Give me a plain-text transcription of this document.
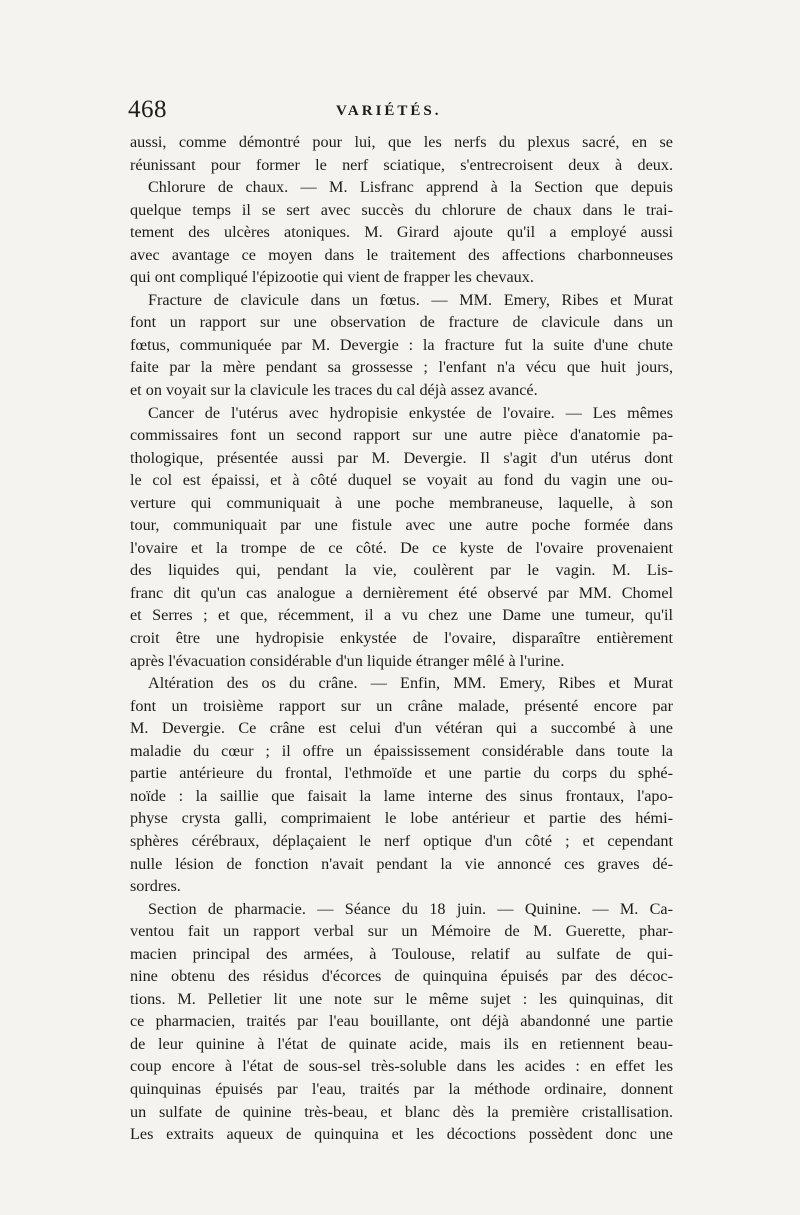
468	VARIÉTÉS.
aussi, comme démontré pour lui, que les nerfs du plexus sacré, en se
réunissant pour former le nerf sciatique, s'entrecroisent deux à deux.
Chlorure de chaux. — M. Lisfranc apprend à la Section que depuis
quelque temps il se sert avec succès du chlorure de chaux dans le trai-
tement des ulcères atoniques. M. Girard ajoute qu'il a employé aussi
avec avantage ce moyen dans le traitement des affections charbonneuses
qui ont compliqué l'épizootie qui vient de frapper les chevaux.
Fracture de clavicule dans un fœtus. — MM. Emery, Ribes et Murat
font un rapport sur une observation de fracture de clavicule dans un
fœtus, communiquée par M. Devergie : la fracture fut la suite d'une chute
faite par la mère pendant sa grossesse ; l'enfant n'a vécu que huit jours,
et on voyait sur la clavicule les traces du cal déjà assez avancé.
Cancer de l'utérus avec hydropisie enkystée de l'ovaire. — Les mêmes
commissaires font un second rapport sur une autre pièce d'anatomie pa-
thologique, présentée aussi par M. Devergie. Il s'agit d'un utérus dont
le col est épaissi, et à côté duquel se voyait au fond du vagin une ou-
verture qui communiquait à une poche membraneuse, laquelle, à son
tour, communiquait par une fistule avec une autre poche formée dans
l'ovaire et la trompe de ce côté. De ce kyste de l'ovaire provenaient
des liquides qui, pendant la vie, coulèrent par le vagin. M. Lis-
franc dit qu'un cas analogue a dernièrement été observé par MM. Chomel
et Serres ; et que, récemment, il a vu chez une Dame une tumeur, qu'il
croit être une hydropisie enkystée de l'ovaire, disparaître entièrement
après l'évacuation considérable d'un liquide étranger mêlé à l'urine.
Altération des os du crâne. — Enfin, MM. Emery, Ribes et Murat
font un troisième rapport sur un crâne malade, présenté encore par
M. Devergie. Ce crâne est celui d'un vétéran qui a succombé à une
maladie du cœur ; il offre un épaississement considérable dans toute la
partie antérieure du frontal, l'ethmoïde et une partie du corps du sphé-
noïde : la saillie que faisait la lame interne des sinus frontaux, l'apo-
physe crysta galli, comprimaient le lobe antérieur et partie des hémi-
sphères cérébraux, déplaçaient le nerf optique d'un côté ; et cependant
nulle lésion de fonction n'avait pendant la vie annoncé ces graves dé-
sordres.
Section de pharmacie. — Séance du 18 juin. — Quinine. — M. Ca-
ventou fait un rapport verbal sur un Mémoire de M. Guerette, phar-
macien principal des armées, à Toulouse, relatif au sulfate de qui-
nine obtenu des résidus d'écorces de quinquina épuisés par des décoc-
tions. M. Pelletier lit une note sur le même sujet : les quinquinas, dit
ce pharmacien, traités par l'eau bouillante, ont déjà abandonné une partie
de leur quinine à l'état de quinate acide, mais ils en retiennent beau-
coup encore à l'état de sous-sel très-soluble dans les acides : en effet les
quinquinas épuisés par l'eau, traités par la méthode ordinaire, donnent
un sulfate de quinine très-beau, et blanc dès la première cristallisation.
Les extraits aqueux de quinquina et les décoctions possèdent donc une
